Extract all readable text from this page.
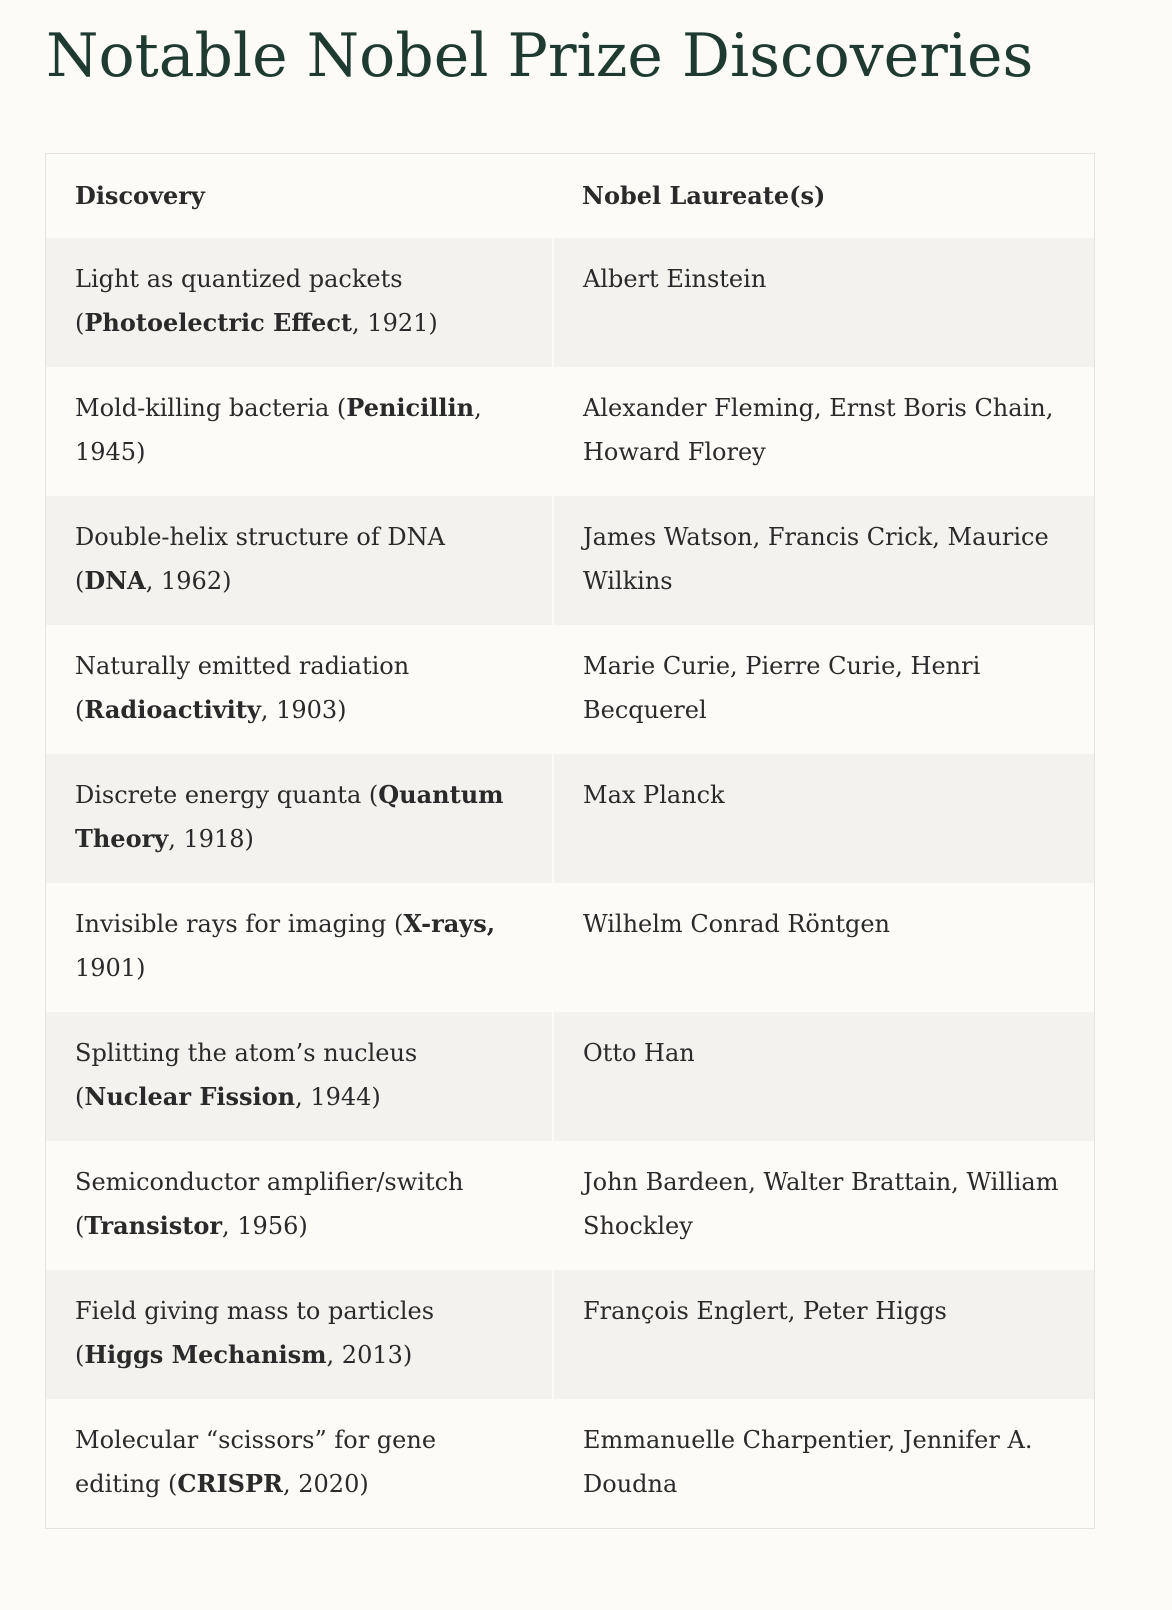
Notable Nobel Prize Discoveries
Discovery	Nobel Laureate(s)
Light as quantized packets (Photoelectric Effect, 1921)	Albert Einstein
Mold-killing bacteria (Penicillin, 1945)	Alexander Fleming, Ernst Boris Chain, Howard Florey
Double-helix structure of DNA (DNA, 1962)	James Watson, Francis Crick, Maurice Wilkins
Naturally emitted radiation (Radioactivity, 1903)	Marie Curie, Pierre Curie, Henri Becquerel
Discrete energy quanta (Quantum Theory, 1918)	Max Planck
Invisible rays for imaging (X-rays, 1901)	Wilhelm Conrad Röntgen
Splitting the atom’s nucleus (Nuclear Fission, 1944)	Otto Han
Semiconductor amplifier/switch (Transistor, 1956)	John Bardeen, Walter Brattain, William Shockley
Field giving mass to particles (Higgs Mechanism, 2013)	François Englert, Peter Higgs
Molecular “scissors” for gene editing (CRISPR, 2020)	Emmanuelle Charpentier, Jennifer A. Doudna
